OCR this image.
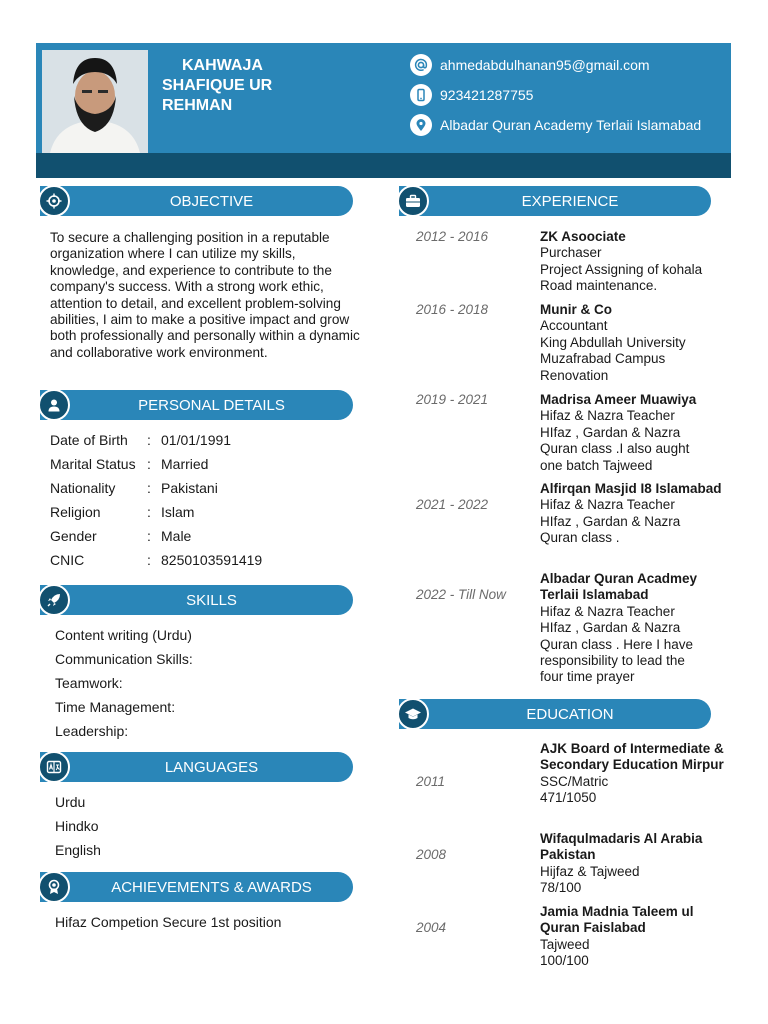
KAHWAJA
SHAFIQUE UR
REHMAN
ahmedabdulhanan95@gmail.com
923421287755
Albadar Quran Academy Terlaii Islamabad
OBJECTIVE
To secure a challenging position in a reputable organization where I can utilize my skills, knowledge, and experience to contribute to the company's success. With a strong work ethic, attention to detail, and excellent problem-solving abilities, I aim to make a positive impact and grow both professionally and personally within a dynamic and collaborative work environment.
PERSONAL DETAILS
Date of Birth	: 01/01/1991
Marital Status : Married
Nationality	: Pakistani
Religion	: Islam
Gender	: Male
CNIC	: 8250103591419
SKILLS
Content writing (Urdu)
Communication Skills:
Teamwork:
Time Management:
Leadership:
LANGUAGES
Urdu
Hindko
English
ACHIEVEMENTS & AWARDS
Hifaz Competion Secure 1st position
EXPERIENCE
2012 - 2016	ZK Asoociate
Purchaser
Project Assigning of kohala
Road maintenance.
2016 - 2018	Munir & Co
Accountant
King Abdullah University
Muzafrabad Campus
Renovation
2019 - 2021	Madrisa Ameer Muawiya
Hifaz & Nazra Teacher
HIfaz , Gardan & Nazra
Quran class .I also aught
one batch Tajweed
2021 - 2022
Alfirqan Masjid I8 Islamabad
Hifaz & Nazra Teacher
HIfaz , Gardan & Nazra
Quran class .
2022 - Till Now
Albadar Quran Acadmey Terlaii Islamabad
Hifaz & Nazra Teacher
HIfaz , Gardan & Nazra
Quran class . Here I have
responsibility to lead the
four time prayer
EDUCATION
2011
AJK Board of Intermediate & Secondary Education Mirpur
SSC/Matric
471/1050
2008
Wifaqulmadaris Al Arabia Pakistan
Hijfaz & Tajweed
78/100
2004
Jamia Madnia Taleem ul Quran Faislabad
Tajweed
100/100
